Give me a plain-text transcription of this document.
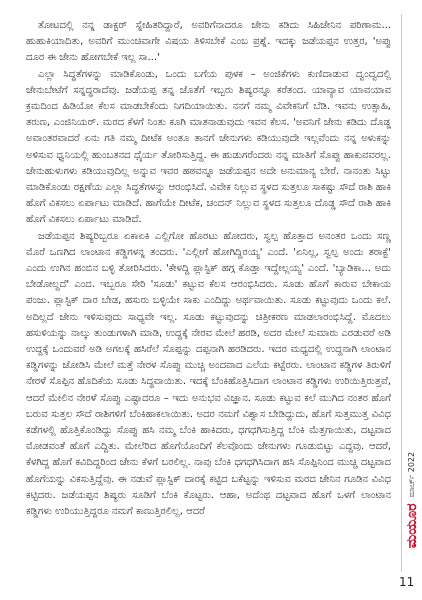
ತೋಟದಲ್ಲಿ ನನ್ನ ಡಾಕ್ಟರ್ ಸ್ನೇಹಿತರಿದ್ದಾರೆ, ಅವರಿಗೆನಾದರೂ ಜೇನು ಕಡಿದು ಸಿಹಿಜೇನಿನ ಪರಿಣಾಮ... ಹುಹುಕಿಯಾದಿತು, ಅವರಿಗೆ ಮುಂಚಿವಾಗೇ ವಿಷಯ ತಿಳಿಸಬೇಕೆ ಎಂಬ ಪ್ರಶ್ನೆ. ಇದಕ್ಕು ಜಡೆಯಪ್ಪನ ಉತ್ತರ, 'ಅಪ್ಪು ದೂರ ಈ ಜೇನು ಹೋಗಬೇಕೆ ಇಲ್ಲ ಸಾ...'

ಎಲ್ಲಾ ಸಿದ್ಧತೆಗಳನ್ನು ಮಾಡಿಕೊಂಡು, ಒಂದು ಬಗೆಯ ಪುಳಕ – ಅಂಜಿಕೆಗಳು ಕುಣಿದಾಡುವ ದ್ವಂದ್ವದಲ್ಲಿ ಜೇನುಬೇಟೆಗೆ ಸನ್ನದ್ಧರಾದೆವು. ಜಡೆಯಪ್ಪ ತನ್ನ ಜೊತೆಗೆ ಇಬ್ಬರು ಶಿಷ್ಯರನ್ನೂ ಕರೆತಂದ. ಯಾವ್ಯಾವ ಯಾವಯಾವ ಕ್ರಮದಿಂದ ಹಿಡಿಯೋ ಕೆಲಸ ಮಾಡಬೇಕೆಂದು ನಿಗದಿಯಾಯಿತು. ನನಗೆ ನಮ್ಮ ವಿವೇಕನಿಗೆ ಬೆಡಿ. ಇವನು ಉತ್ಸಾಹಿ, ತರುಣ, ಎಂಜಿನಿಯರ್. ಮರದ ಕೆಳಗೆ ನಿಂತು ಕೂಗಿ ಮಾತನಾಡುವುದು ಇವನ ಕೆಲಸ. 'ಅವನಿಗೆ ಜೇನು ಕಡಿದು ದೊಡ್ಡ ಅವಾಂತರವಾದರೆ ಏನು ಗತಿ ನಮ್ಮ ದೀಟೆಕ ಅಂತೂ ತಾನಗೆ ಜೇನುಗಳು ಕಡಿಯುವುದೇ ಇಲ್ಲವೆಂದು ನನ್ನ ಅಳುಕನ್ನು ಅಳಿಸುವ ಧ್ವನಿಯಲ್ಲಿ ಹುಂಬತನದ ಧೈರ್ಯ ತೋರಿಸುತ್ತಿದ್ದ. ಈ ಹುಡುಗರೆಂದರು ನನ್ನ ಮಾತಿಗೆ ಸೊಪ್ಪು ಹಾಕುವವರಲ್ಲ. ಜೇನುಹುಳುಗಳು ಕಡಿಯುವುದಿಲ್ಲ ಅನ್ನುವ ಇವರ ಹಠವನ್ನೂ ಜಡೆಯಪ್ಪನ ಅದೇ ಅನುಮಾನ್ಯ ಬೇರೆ. ನಾನಂತು ಸಿಟ್ಟು ಮಾಡಿಕೊಂಡು ರಕ್ಷಣೆಯ ಎಲ್ಲಾ ಸಿದ್ಧತೆಗಳನ್ನು ಆರಂಭಿಸಿದೆ. ವಿವೇಕ ನಿಲ್ಲುವ ಸ್ಥಳದ ಸುತ್ತಲೂ ಸಾಕಷ್ಟು ಸೌದೆ ರಾಶಿ ಹಾಕಿ ಹೊಗೆ ವಿಕಸಲು ಏರ್ಪಾಟು ಮಾಡಿದೆ. ಹಾಗೆಯೇ ದೀಟೆಕ, ಚಂದನ್ ನಿಲ್ಲುವ ಸ್ಥಳದ ಸುತ್ತಲೂ ದೊಡ್ಡ ಸೌದೆ ರಾಶಿ ಹಾಕಿ ಹೊಗೆ ವಿಕಸಲು ಏರ್ಪಾಟು ಮಾಡಿದೆ.

ಜಡೆಯಪ್ಪನ ಶಿಷ್ಯರಿಬ್ಬರೂ ಏಕಾಏಕಿ ಎಲ್ಲಿಗೋ ಹೊರಟು ಹೋದರು, ಸ್ವಲ್ಪ ಹೊತ್ತಾದ ಅನಂತರ ಒಂದು ಸಣ್ಣ ಮೊರೆ ಒಣಗಿದ ಲಾಂಟಾನ ಕಡ್ಡಿಗಳನ್ನ ತಂದರು. 'ಎಲ್ಲೀಗೆ ಹೋಗಿದ್ದಿರಯ್ಯ' ಎಂದೆ. 'ಏನಿಲ್ಲ, ಸ್ವಲ್ಪ ಅಂದು ತರಾಕ್ಟೆ' ಎಂದು ಉಗಿನ ಹಂಬಿನ ಬಳ್ಳಿ ತೋರಿಸಿದರು. 'ಕೇಳದ್ದಿ ಪ್ಲಾಸ್ಟಿಕ್ ಹಗ್ಗ ಕೊಡ್ತಾ ಇದ್ದೇಲ್ಲಯ್ಯ' ಎಂದೆ. 'ಬ್ಯಾಡಿಕಾ... ಅದು ಬೇಡೋಲ್ದದೆ' ಎಂದ. ಇಬ್ಬರೂ ಸೇರಿ 'ಸೂಡು' ಕಟ್ಟುವ ಕೆಲಸ ಆರಂಭಿಸಿದರು. ಸೂಡು ಹೊಗೆ ಕಾರುವ ಬೇಕಾಯ ಪಂಜು. ಪ್ಲಾಸ್ಟಿಕ್ ದಾರ ಬೇಡ, ಹಸುರು ಬಳ್ಳಿಯೇ ಸಾಕು ಎಂದಿದ್ದು ಅರ್ಥವಾಯಿತು. ಸೂಡು ಕಟ್ಟುವುದು ಒಂದು ಕಲೆ. ಅದಿಲ್ಲದೆ ಜೇನು ಇಳಿಸುವುದು ಸಾಧ್ಯವೇ ಇಲ್ಲ. ಸೂಡು ಕಟ್ಟುವುದನ್ನು ಚಿತ್ರೀಕರಣ ಮಾಡಲಾರಂಭಿಸಿದ್ದೆ. ಮೊದಲು ಹಸುಳಿಯನ್ನು ನಾಲ್ಕು ತುಂಡುಗಳಾಗಿ ಮಾಡಿ, ಉದ್ದಕ್ಕೆ ನೇರವ ಮೇಲೆ ಹರಡಿ, ಅದರ ಮೇಲೆ ಸುಮಾರು ಎರಡುವರೆ ಅಡಿ ಉದ್ದಕ್ಕೆ ಒಂದುವರೆ ಅಡಿ ಅಗಲಕ್ಕೆ ಹಸಿರೆಲೆ ಸೊಪ್ಪನ್ನು ದಪ್ಪನಾಗಿ ಹರಡಿದರು. ಇದರ ಮಧ್ಯದಲ್ಲಿ ಉದ್ದನಾಗಿ ಲಾಂಟಾನ ಕಡ್ಡಿಗಳನ್ನು ಜೋಡಿಸಿ ಮೇಲೆ ಮತ್ತೆ ನೇರಳ ಸೊಪ್ಪು ಮುಚ್ಚಿ ಅಂದವಾದ ಎಲೆಯ ಕಟ್ಟೆರರು. ಲಾಂಟಾನ ಕಡ್ಡಿಗಳ ತಿರುಳಿಗೆ ನೇರಳೆ ಸೊಪ್ಪಿನ ಹೊದಿಕೆಯ ಸೂಡು ಸಿದ್ಧವಾಯಿತು. ಇದಕ್ಕೆ ಬೆಂಕಿಹೊತ್ತಿಸಿದಾಗ ಲಾಂಟಾನ ಕಡ್ಡಿಗಳು ಉರಿಯಿತ್ತಿರುತ್ತವೆ, ಆದರೆ ಮೇಲಿನ ನೇರಳೆ ಸೊಪ್ಪು ಎಷ್ಟಾದರೂ – ಇದು ಅನುಭವ ವಿಜ್ಞಾನ. ಸೂಡು ಕಟ್ಟುವ ಕಲೆ ಮುಗಿದ ನಂತರ ಹೊಗೆ ಬರುವ ಸುತ್ತಲ ಸೌದೆ ರಾಶಿಗಳಿಗೆ ಬೆಂಕಿಹಾಕಲಾಯಿತು. ಅದರ ನಮಗೆ ವಿಶ್ವಾಸ ಬೇಡಿದ್ದುದು, ಹೊಗೆ ಸುತ್ತಮುತ್ತ ವಿವಿಧ ಕಡೆಗಳಲ್ಲಿ ಹೊತ್ತಿಕೊಂಡಿದ್ದು ಸೊಪ್ಪು ಹಸಿ ನಮ್ಮ ಬೆಂಕಿ ಹಾಕಿದರು, ಧಗಧಗಿಸುತ್ತಿದ್ದ ಬೆಂಕಿ ಮೆತ್ತಗಾಯಿತು, ದಟ್ಟವಾದ ಮೋಡವಂತೆ ಹೊಗೆ ಎದ್ದಿತು. ಮೇಲೆರಿದ ಹೊಗೆಯೊಂದಿಗೆ ಕೆಲವೊಂದು ಜೇನುಗಳು ಗೂಡುಬಿಟ್ಟು ಎದ್ದವು. ಆದರೆ, ಕೆಳಗಿದ್ದ ಹೊಗೆ ಕವಿದಿದ್ದರಿಂದ ಜೇನು ಕೆಳಗೆ ಬರಲಿಲ್ಲ. ನಾವು ಬೆಂಕಿ ಧಗಧಗಿಸಿದಾಗ ಹಸಿ ಸೊಪ್ಪಿನಿಂದ ಮುಚ್ಚಿ ದಟ್ಟವಾದ ಹೊಗೆಯನ್ನು ವಿಕಸುತ್ತಿದ್ದೆವು. ಈ ನಡುವೆ ಪ್ಲಾಸ್ಟಿಕ್ ದಾರಕ್ಕೆ ಕಟ್ಟಿದ ಬಕೆಟ್ಟನ್ನು ಇಳಿಸುವ ಮರದ ಜೇನಿನ ಗೂಡಿನ ವಿವಿಧ ಕಟ್ಟಿದರು. ಜಡೆಯಪ್ಪನ ಶಿಷ್ಯರು ಸೂಡಿಗೆ ಬೆಂಕಿ ಕೊಟ್ಟರು. ಆಹಾ, ಅದೆಂಥ ದಟ್ಟವಾದ ಹೊಗೆ ಒಳಗೆ ಲಾಂಟಾನ ಕಡ್ಡಿಗಳು ಉರಿಯುತ್ತಿದ್ದರೂ ನಮಗೆ ಕಾಣುತ್ತಿರಲಿಲ್ಲ, ಆದರೆ	ಮಯೂರ
ಮಾರ್ಚ್ 2022
11
